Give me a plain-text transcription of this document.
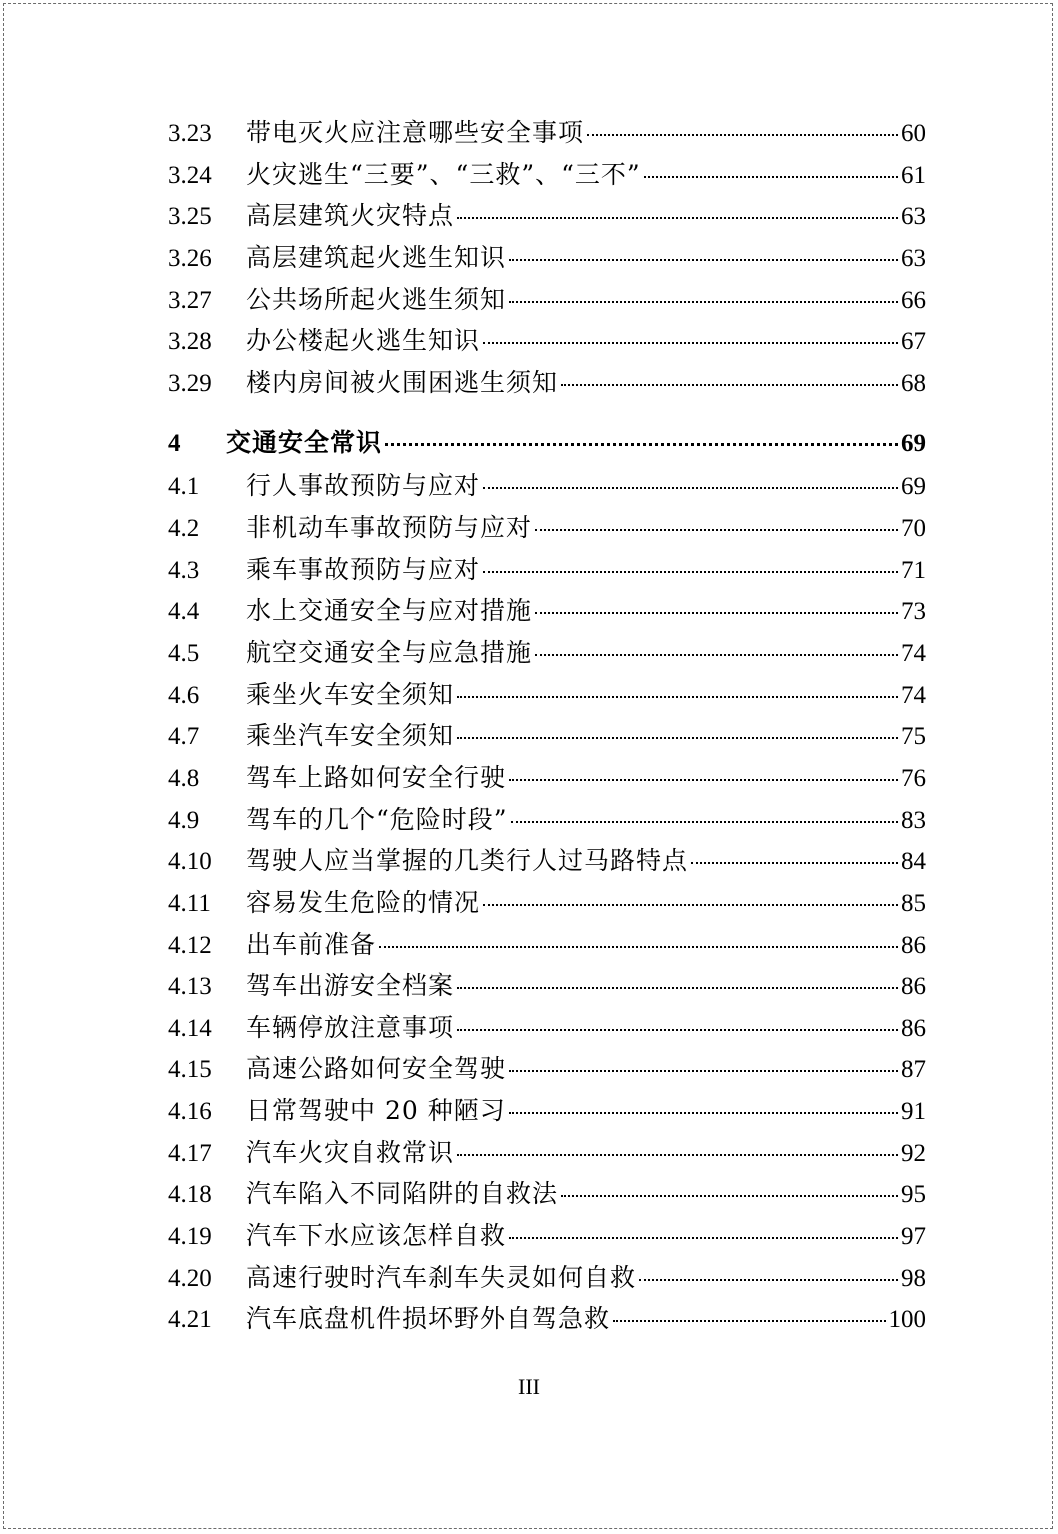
3.23	带电灭火应注意哪些安全事项	60
3.24	火灾逃生“三要”、“三救”、“三不”	61
3.25	高层建筑火灾特点	63
3.26	高层建筑起火逃生知识	63
3.27	公共场所起火逃生须知	66
3.28	办公楼起火逃生知识	67
3.29	楼内房间被火围困逃生须知	68
4	交通安全常识	69
4.1	行人事故预防与应对	69
4.2	非机动车事故预防与应对	70
4.3	乘车事故预防与应对	71
4.4	水上交通安全与应对措施	73
4.5	航空交通安全与应急措施	74
4.6	乘坐火车安全须知	74
4.7	乘坐汽车安全须知	75
4.8	驾车上路如何安全行驶	76
4.9	驾车的几个“危险时段”	83
4.10	驾驶人应当掌握的几类行人过马路特点	84
4.11	容易发生危险的情况	85
4.12	出车前准备	86
4.13	驾车出游安全档案	86
4.14	车辆停放注意事项	86
4.15	高速公路如何安全驾驶	87
4.16	日常驾驶中 20 种陋习	91
4.17	汽车火灾自救常识	92
4.18	汽车陷入不同陷阱的自救法	95
4.19	汽车下水应该怎样自救	97
4.20	高速行驶时汽车刹车失灵如何自救	98
4.21	汽车底盘机件损坏野外自驾急救	100
III
